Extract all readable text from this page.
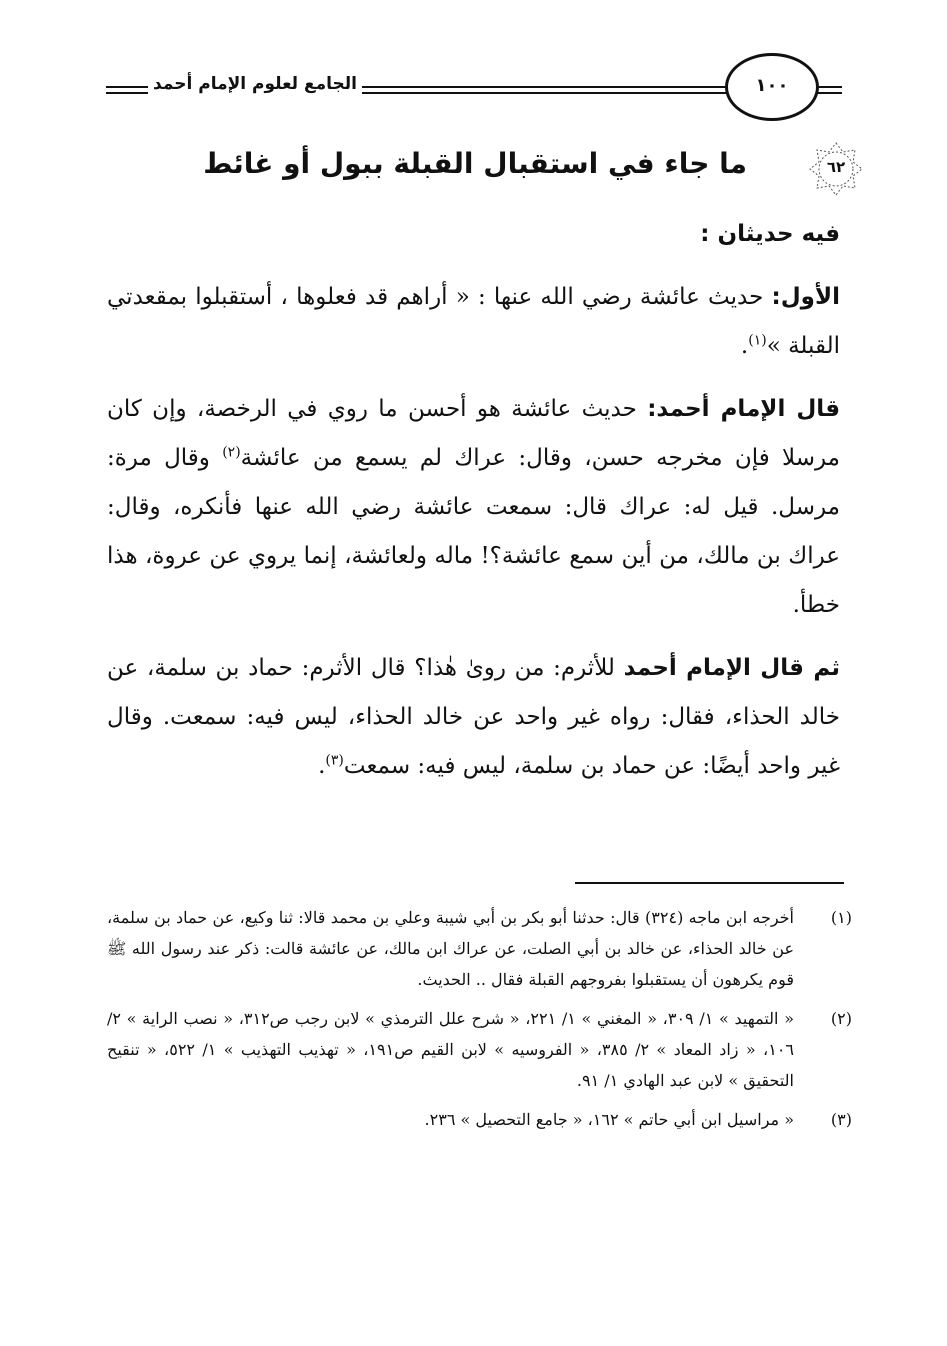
الجامع لعلوم الإمام أحمد	١٠٠
ما جاء في استقبال القبلة ببول أو غائط	٦٢

فيه حديثان :

الأول: حديث عائشة رضي الله عنها : « أراهم قد فعلوها ، أستقبلوا بمقعدتي القبلة »$^{(١)}$.

قال الإمام أحمد: حديث عائشة هو أحسن ما روي في الرخصة، وإن كان مرسلا فإن مخرجه حسن، وقال: عراك لم يسمع من عائشة$^{(٢)}$ وقال مرة: مرسل. قيل له: عراك قال: سمعت عائشة رضي الله عنها فأنكره، وقال: عراك بن مالك، من أين سمع عائشة؟! ماله ولعائشة، إنما يروي عن عروة، هذا خطأ.

ثم قال الإمام أحمد للأثرم: من روىٰ هٰذا؟ قال الأثرم: حماد بن سلمة، عن خالد الحذاء، فقال: رواه غير واحد عن خالد الحذاء، ليس فيه: سمعت. وقال غير واحد أيضًا: عن حماد بن سلمة، ليس فيه: سمعت$^{(٣)}$.

(١)
أخرجه ابن ماجه (٣٢٤) قال: حدثنا أبو بكر بن أبي شيبة وعلي بن محمد قالا: ثنا وكيع، عن حماد بن سلمة، عن خالد الحذاء، عن خالد بن أبي الصلت، عن عراك ابن مالك، عن عائشة قالت: ذكر عند رسول الله ﷺ قوم يكرهون أن يستقبلوا بفروجهم القبلة فقال .. الحديث.
(٢)
« التمهيد » ١/ ٣٠٩، « المغني » ١/ ٢٢١، « شرح علل الترمذي » لابن رجب ص٣١٢، « نصب الراية » ٢/ ١٠٦، « زاد المعاد » ٢/ ٣٨٥، « الفروسيه » لابن القيم ص١٩١، « تهذيب التهذيب » ١/ ٥٢٢، « تنقيح التحقيق » لابن عبد الهادي ١/ ٩١.
(٣)
« مراسيل ابن أبي حاتم » ١٦٢، « جامع التحصيل » ٢٣٦.
